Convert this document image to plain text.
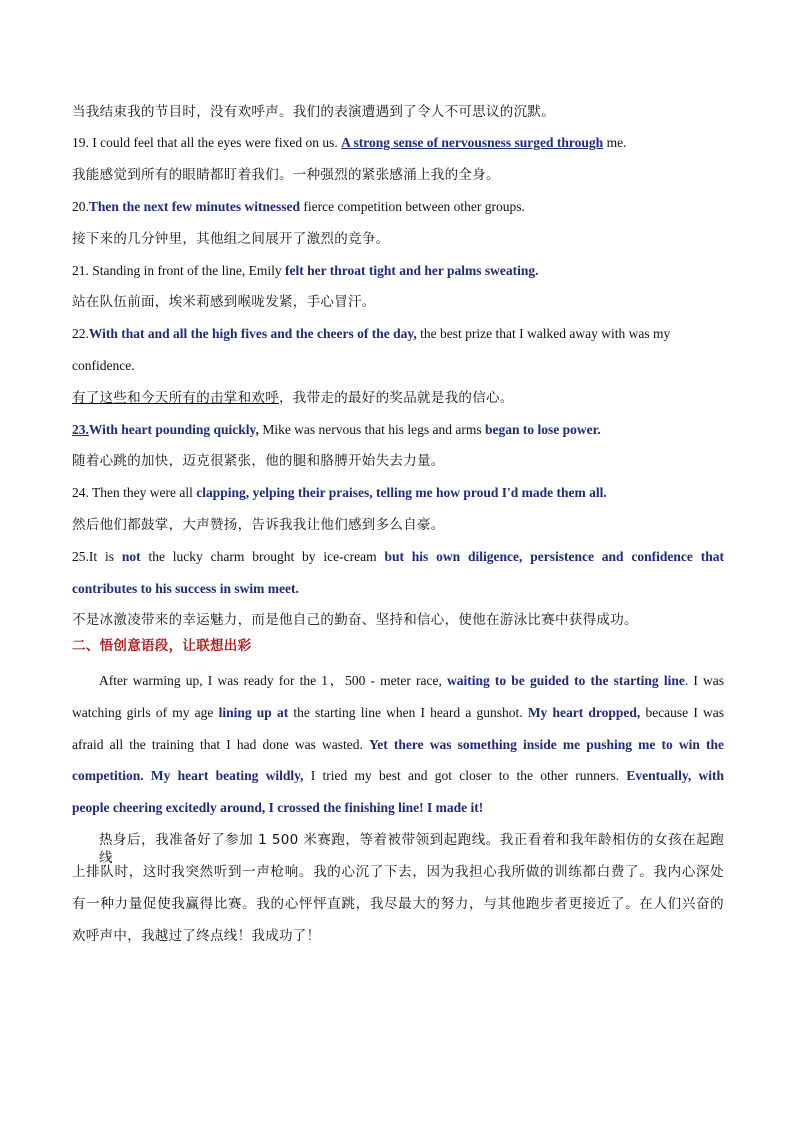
当我结束我的节目时，没有欢呼声。我们的表演遭遇到了令人不可思议的沉默。
19. I could feel that all the eyes were fixed on us. A strong sense of nervousness surged through me.
我能感觉到所有的眼睛都盯着我们。一种强烈的紧张感涌上我的全身。
20.Then the next few minutes witnessed fierce competition between other groups.
接下来的几分钟里，其他组之间展开了激烈的竞争。
21. Standing in front of the line, Emily felt her throat tight and her palms sweating.
站在队伍前面，埃米莉感到喉咙发紧，手心冒汗。
22.With that and all the high fives and the cheers of the day, the best prize that I walked away with was my
confidence.
有了这些和今天所有的击掌和欢呼，我带走的最好的奖品就是我的信心。
23.With heart pounding quickly, Mike was nervous that his legs and arms began to lose power.
随着心跳的加快，迈克很紧张，他的腿和胳膊开始失去力量。
24. Then they were all clapping, yelping their praises, telling me how proud I'd made them all.
然后他们都鼓掌，大声赞扬，告诉我我让他们感到多么自豪。
25.It is not the lucky charm brought by ice-cream but his own diligence, persistence and confidence that
contributes to his success in swim meet.
不是冰激凌带来的幸运魅力，而是他自己的勤奋、坚持和信心，使他在游泳比赛中获得成功。
二、悟创意语段，让联想出彩
After warming up, I was ready for the 1，500 - meter race, waiting to be guided to the starting line. I was
watching girls of my age lining up at the starting line when I heard a gunshot. My heart dropped, because I was
afraid all the training that I had done was wasted. Yet there was something inside me pushing me to win the
competition. My heart beating wildly, I tried my best and got closer to the other runners. Eventually, with
people cheering excitedly around, I crossed the finishing line! I made it!
热身后，我准备好了参加 1 500 米赛跑，等着被带领到起跑线。我正看着和我年龄相仿的女孩在起跑线
上排队时，这时我突然听到一声枪响。我的心沉了下去，因为我担心我所做的训练都白费了。我内心深处
有一种力量促使我赢得比赛。我的心怦怦直跳，我尽最大的努力，与其他跑步者更接近了。在人们兴奋的
欢呼声中，我越过了终点线！我成功了！
